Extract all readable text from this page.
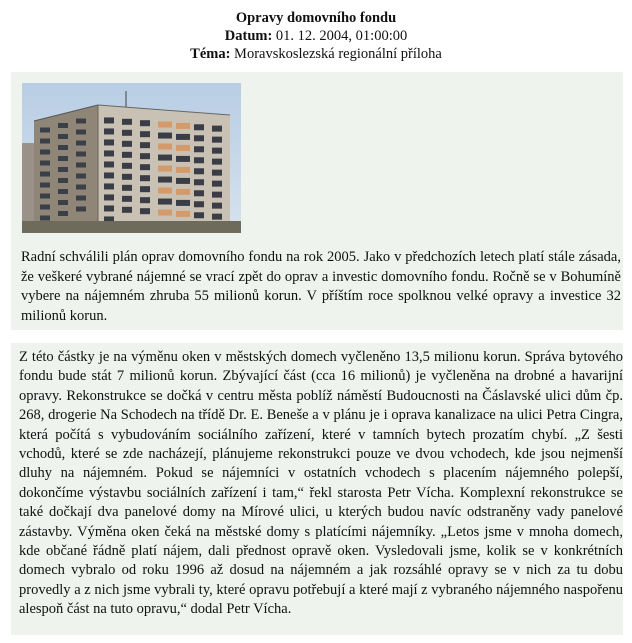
Opravy domovního fondu
Datum: 01. 12. 2004, 01:00:00
Téma: Moravskoslezská regionální příloha
Radní schválili plán oprav domovního fondu na rok 2005. Jako v předchozích letech platí stále zásada, že veškeré vybrané nájemné se vrací zpět do oprav a investic domovního fondu. Ročně se v Bohumíně vybere na nájemném zhruba 55 milionů korun. V příštím roce spolknou velké opravy a investice 32 milionů korun.
Z této částky je na výměnu oken v městských domech vyčleněno 13,5 milionu korun. Správa bytového fondu bude stát 7 milionů korun. Zbývající část (cca 16 milionů) je vyčleněna na drobné a havarijní opravy. Rekonstrukce se dočká v centru města poblíž náměstí Budoucnosti na Čáslavské ulici dům čp. 268, drogerie Na Schodech na třídě Dr. E. Beneše a v plánu je i oprava kanalizace na ulici Petra Cingra, která počítá s vybudováním sociálního zařízení, které v tamních bytech prozatím chybí. „Z šesti vchodů, které se zde nacházejí, plánujeme rekonstrukci pouze ve dvou vchodech, kde jsou nejmenší dluhy na nájemném. Pokud se nájemníci v ostatních vchodech s placením nájemného polepší, dokončíme výstavbu sociálních zařízení i tam,“ řekl starosta Petr Vícha. Komplexní rekonstrukce se také dočkají dva panelové domy na Mírové ulici, u kterých budou navíc odstraněny vady panelové zástavby. Výměna oken čeká na městské domy s platícími nájemníky. „Letos jsme v mnoha domech, kde občané řádně platí nájem, dali přednost opravě oken. Vysledovali jsme, kolik se v konkrétních domech vybralo od roku 1996 až dosud na nájemném a jak rozsáhlé opravy se v nich za tu dobu provedly a z nich jsme vybrali ty, které opravu potřebují a které mají z vybraného nájemného naspořenu alespoň část na tuto opravu,“ dodal Petr Vícha.
